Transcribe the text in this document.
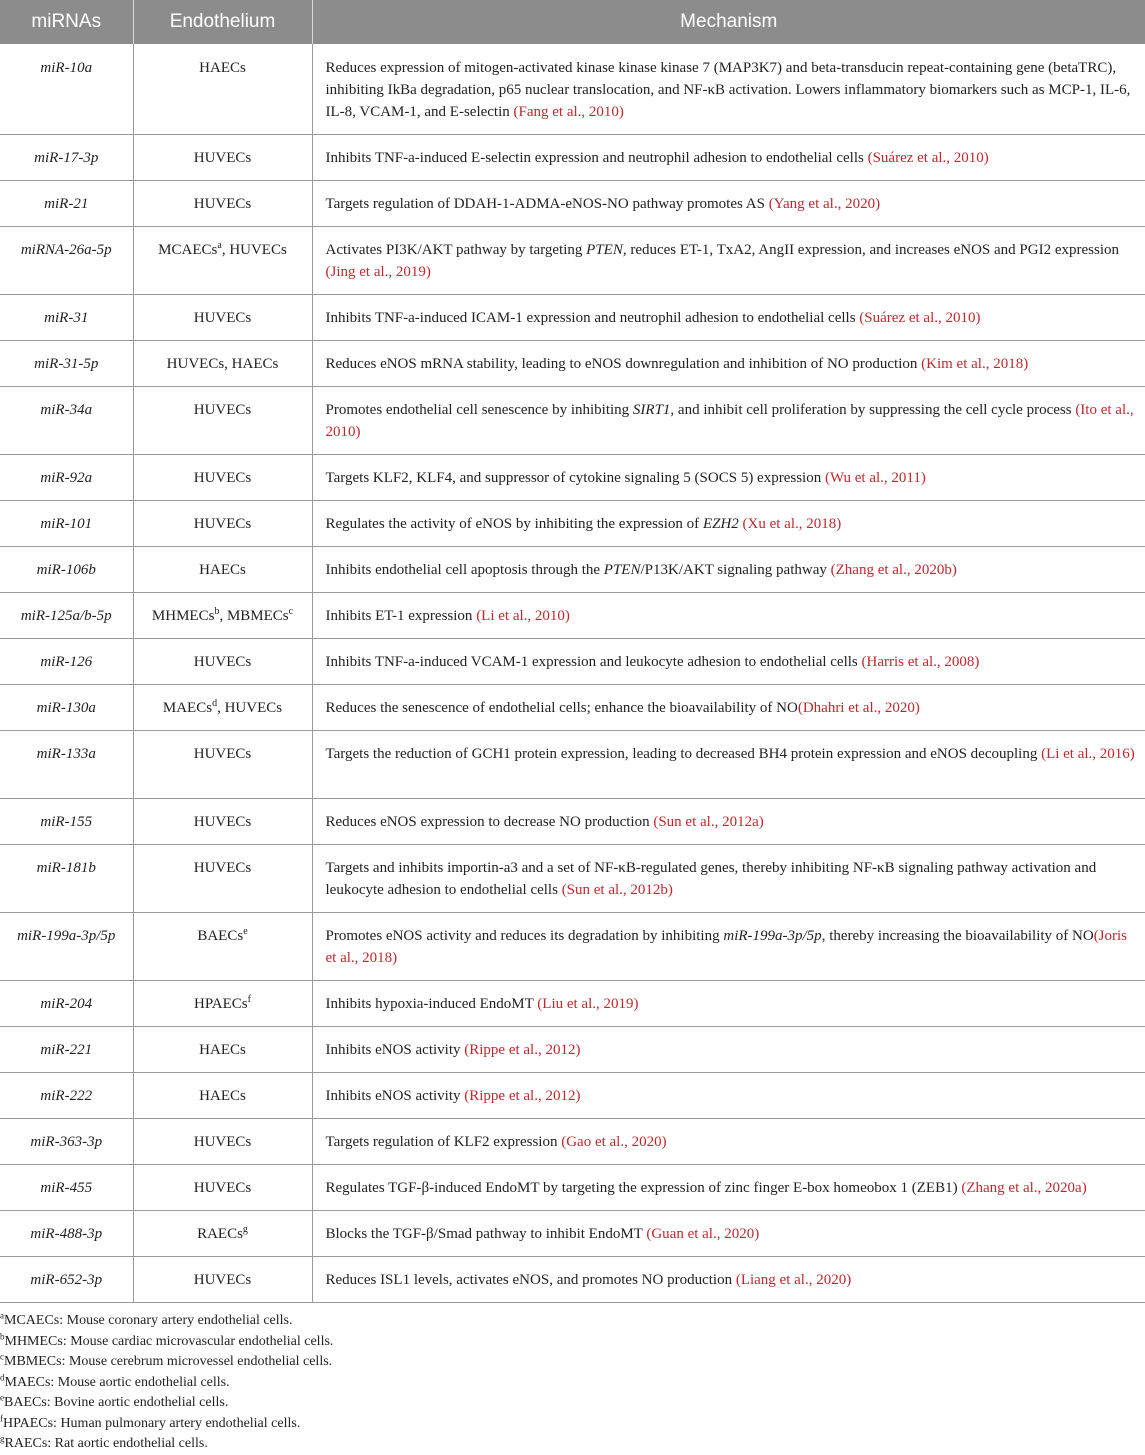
miRNAs	Endothelium	Mechanism
miR-10a	HAECs	Reduces expression of mitogen-activated kinase kinase kinase 7 (MAP3K7) and beta-transducin repeat-containing gene (betaTRC), inhibiting IkBa degradation, p65 nuclear translocation, and NF-κB activation. Lowers inflammatory biomarkers such as MCP-1, IL-6, IL-8, VCAM-1, and E-selectin (Fang et al., 2010)
miR-17-3p	HUVECs	Inhibits TNF-a-induced E-selectin expression and neutrophil adhesion to endothelial cells (Suárez et al., 2010)
miR-21	HUVECs	Targets regulation of DDAH-1-ADMA-eNOS-NO pathway promotes AS (Yang et al., 2020)
miRNA-26a-5p	MCAECs$^a$, HUVECs	Activates PI3K/AKT pathway by targeting PTEN, reduces ET-1, TxA2, AngII expression, and increases eNOS and PGI2 expression (Jing et al., 2019)
miR-31	HUVECs	Inhibits TNF-a-induced ICAM-1 expression and neutrophil adhesion to endothelial cells (Suárez et al., 2010)
miR-31-5p	HUVECs, HAECs	Reduces eNOS mRNA stability, leading to eNOS downregulation and inhibition of NO production (Kim et al., 2018)
miR-34a	HUVECs	Promotes endothelial cell senescence by inhibiting SIRT1, and inhibit cell proliferation by suppressing the cell cycle process (Ito et al., 2010)
miR-92a	HUVECs	Targets KLF2, KLF4, and suppressor of cytokine signaling 5 (SOCS 5) expression (Wu et al., 2011)
miR-101	HUVECs	Regulates the activity of eNOS by inhibiting the expression of EZH2 (Xu et al., 2018)
miR-106b	HAECs	Inhibits endothelial cell apoptosis through the PTEN/P13K/AKT signaling pathway (Zhang et al., 2020b)
miR-125a/b-5p	MHMECs$^b$, MBMECs$^c$	Inhibits ET-1 expression (Li et al., 2010)
miR-126	HUVECs	Inhibits TNF-a-induced VCAM-1 expression and leukocyte adhesion to endothelial cells (Harris et al., 2008)
miR-130a	MAECs$^d$, HUVECs	Reduces the senescence of endothelial cells; enhance the bioavailability of NO(Dhahri et al., 2020)
miR-133a	HUVECs	Targets the reduction of GCH1 protein expression, leading to decreased BH4 protein expression and eNOS decoupling (Li et al., 2016)
miR-155	HUVECs	Reduces eNOS expression to decrease NO production (Sun et al., 2012a)
miR-181b	HUVECs	Targets and inhibits importin-a3 and a set of NF-κB-regulated genes, thereby inhibiting NF-κB signaling pathway activation and leukocyte adhesion to endothelial cells (Sun et al., 2012b)
miR-199a-3p/5p	BAECs$^e$	Promotes eNOS activity and reduces its degradation by inhibiting miR-199a-3p/5p, thereby increasing the bioavailability of NO(Joris et al., 2018)
miR-204	HPAECs$^f$	Inhibits hypoxia-induced EndoMT (Liu et al., 2019)
miR-221	HAECs	Inhibits eNOS activity (Rippe et al., 2012)
miR-222	HAECs	Inhibits eNOS activity (Rippe et al., 2012)
miR-363-3p	HUVECs	Targets regulation of KLF2 expression (Gao et al., 2020)
miR-455	HUVECs	Regulates TGF-β-induced EndoMT by targeting the expression of zinc finger E-box homeobox 1 (ZEB1) (Zhang et al., 2020a)
miR-488-3p	RAECs$^g$	Blocks the TGF-β/Smad pathway to inhibit EndoMT (Guan et al., 2020)
miR-652-3p	HUVECs	Reduces ISL1 levels, activates eNOS, and promotes NO production (Liang et al., 2020)
$^a$MCAECs: Mouse coronary artery endothelial cells.
$^b$MHMECs: Mouse cardiac microvascular endothelial cells.
$^c$MBMECs: Mouse cerebrum microvessel endothelial cells.
$^d$MAECs: Mouse aortic endothelial cells.
$^e$BAECs: Bovine aortic endothelial cells.
$^f$HPAECs: Human pulmonary artery endothelial cells.
$^g$RAECs: Rat aortic endothelial cells.
